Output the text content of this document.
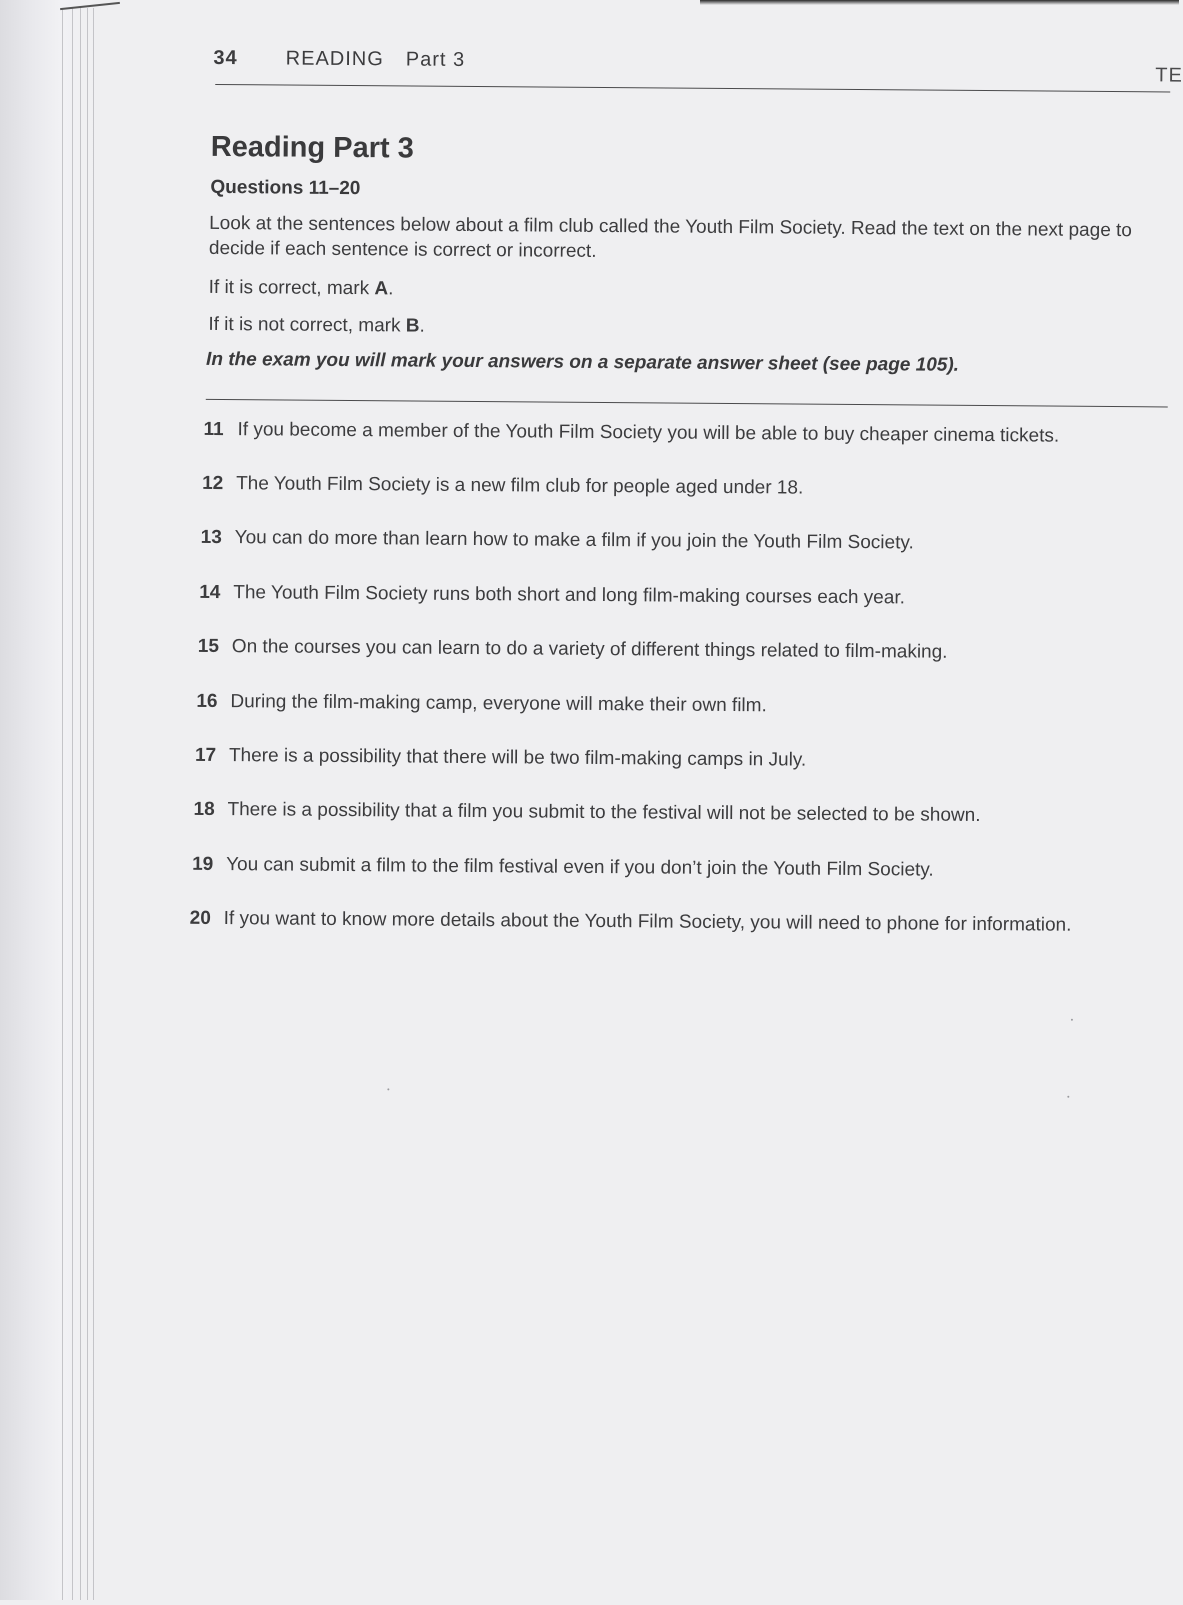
34 READING Part 3
TE
Reading Part 3
Questions 11–20
Look at the sentences below about a film club called the Youth Film Society. Read the text on the next page to decide if each sentence is correct or incorrect.
If it is correct, mark A.
If it is not correct, mark B.
In the exam you will mark your answers on a separate answer sheet (see page 105).
11 If you become a member of the Youth Film Society you will be able to buy cheaper cinema tickets.
12 The Youth Film Society is a new film club for people aged under 18.
13 You can do more than learn how to make a film if you join the Youth Film Society.
14 The Youth Film Society runs both short and long film-making courses each year.
15 On the courses you can learn to do a variety of different things related to film-making.
16 During the film-making camp, everyone will make their own film.
17 There is a possibility that there will be two film-making camps in July.
18 There is a possibility that a film you submit to the festival will not be selected to be shown.
19 You can submit a film to the film festival even if you don’t join the Youth Film Society.
20 If you want to know more details about the Youth Film Society, you will need to phone for information.
